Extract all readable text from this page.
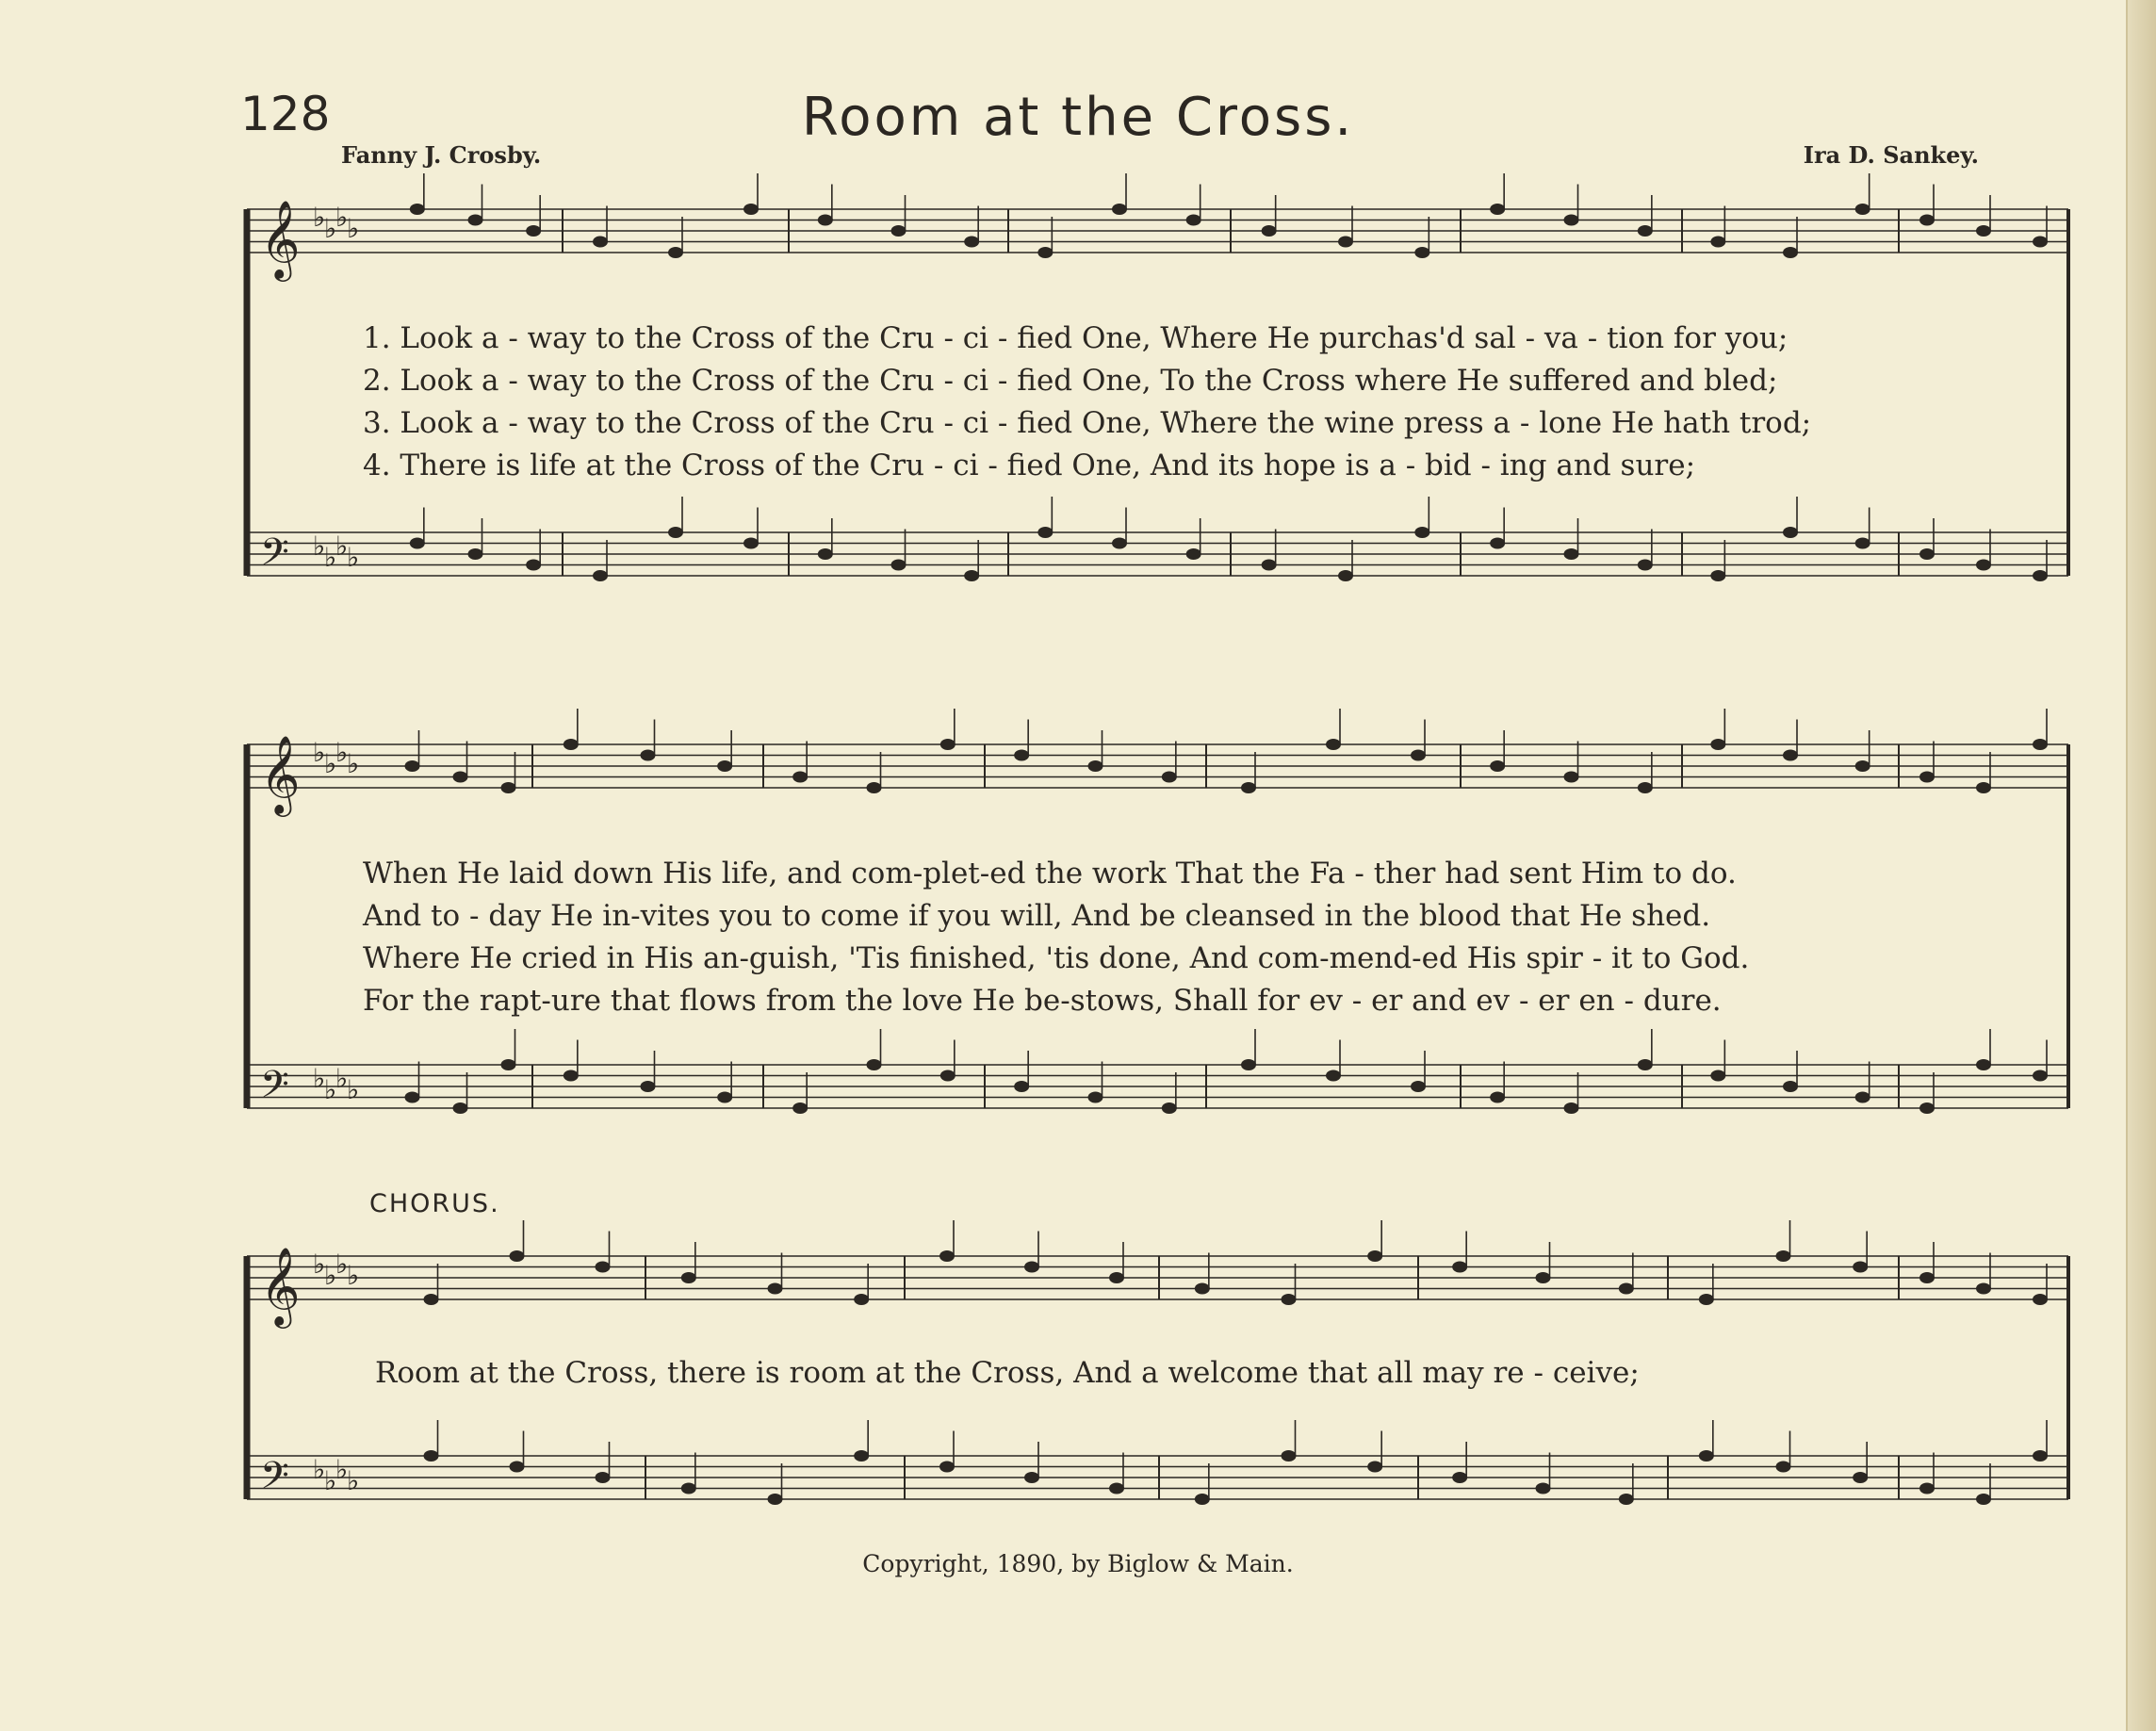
128	Room at the Cross.
Fanny J. Crosby.	Ira D. Sankey.
𝄞 ♭
♭
♭
♭
𝄢 ♭
♭
♭
♭
𝄞 ♭
♭
♭
♭
𝄢 ♭
♭
♭
♭
𝄞 ♭
♭
♭
♭
𝄢 ♭
♭
♭
♭
1. Look a - way to the Cross of the Cru - ci - fied One, Where He purchas'd sal - va - tion for you;
2. Look a - way to the Cross of the Cru - ci - fied One, To the Cross where He suffered and bled;
3. Look a - way to the Cross of the Cru - ci - fied One, Where the wine press a - lone He hath trod;
4. There is life at the Cross of the Cru - ci - fied One, And its hope is a - bid - ing and sure;
When He laid down His life, and com-plet-ed the work That the Fa - ther had sent Him to do.
And to - day He in-vites you to come if you will, And be cleansed in the blood that He shed.
Where He cried in His an-guish, 'Tis finished, 'tis done, And com-mend-ed His spir - it to God.
For the rapt-ure that flows from the love He be-stows, Shall for ev - er and ev - er en - dure.
CHORUS.
Room at the Cross, there is room at the Cross, And a welcome that all may re - ceive;
Copyright, 1890, by Biglow & Main.
